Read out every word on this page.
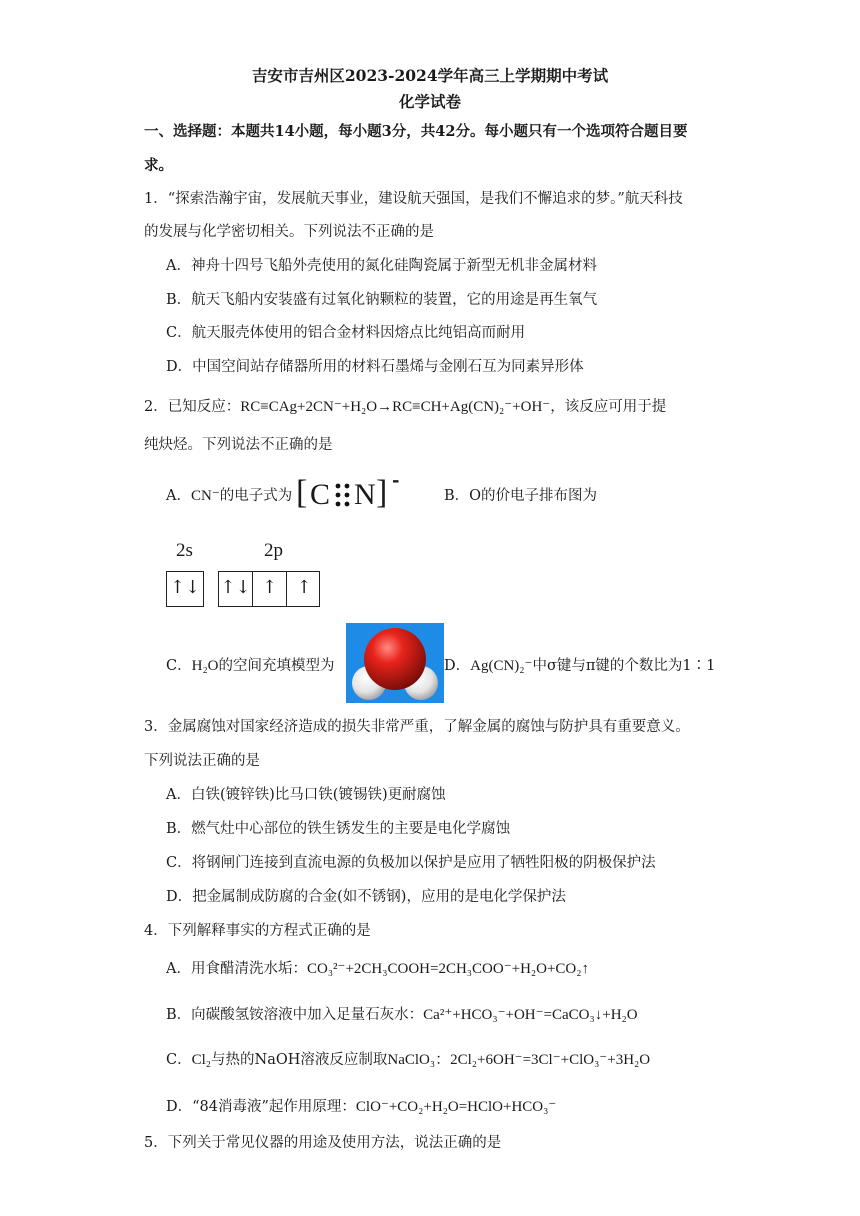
吉安市吉州区2023-2024学年高三上学期期中考试
化学试卷
一、选择题：本题共14小题，每小题3分，共42分。每小题只有一个选项符合题目要
求。
1．“探索浩瀚宇宙，发展航天事业，建设航天强国，是我们不懈追求的梦。”航天科技
的发展与化学密切相关。下列说法不正确的是
A．神舟十四号飞船外壳使用的氮化硅陶瓷属于新型无机非金属材料
B．航天飞船内安装盛有过氧化钠颗粒的装置，它的用途是再生氧气
C．航天服壳体使用的铝合金材料因熔点比纯铝高而耐用
D．中国空间站存储器所用的材料石墨烯与金刚石互为同素异形体
2．已知反应：RC≡CAg+2CN⁻+H₂O→RC≡CH+Ag(CN)₂⁻+OH⁻，该反应可用于提
纯炔烃。下列说法不正确的是
A．CN⁻的电子式为 [ C N ] -
B．O的价电子排布图为
2s	2p
↑↓ ↑↓ ↑	↑
C．H₂O的空间充填模型为	D．Ag(CN)₂⁻中σ键与π键的个数比为1∶1
3．金属腐蚀对国家经济造成的损失非常严重，了解金属的腐蚀与防护具有重要意义。
下列说法正确的是
A．白铁(镀锌铁)比马口铁(镀锡铁)更耐腐蚀
B．燃气灶中心部位的铁生锈发生的主要是电化学腐蚀
C．将钢闸门连接到直流电源的负极加以保护是应用了牺牲阳极的阴极保护法
D．把金属制成防腐的合金(如不锈钢)，应用的是电化学保护法
4．下列解释事实的方程式正确的是
A．用食醋清洗水垢：CO₃²⁻+2CH₃COOH=2CH₃COO⁻+H₂O+CO₂↑
B．向碳酸氢铵溶液中加入足量石灰水：Ca²⁺+HCO₃⁻+OH⁻=CaCO₃↓+H₂O
C．Cl₂与热的NaOH溶液反应制取NaClO₃：2Cl₂+6OH⁻=3Cl⁻+ClO₃⁻+3H₂O
D．“84消毒液”起作用原理：ClO⁻+CO₂+H₂O=HClO+HCO₃⁻
5．下列关于常见仪器的用途及使用方法，说法正确的是
